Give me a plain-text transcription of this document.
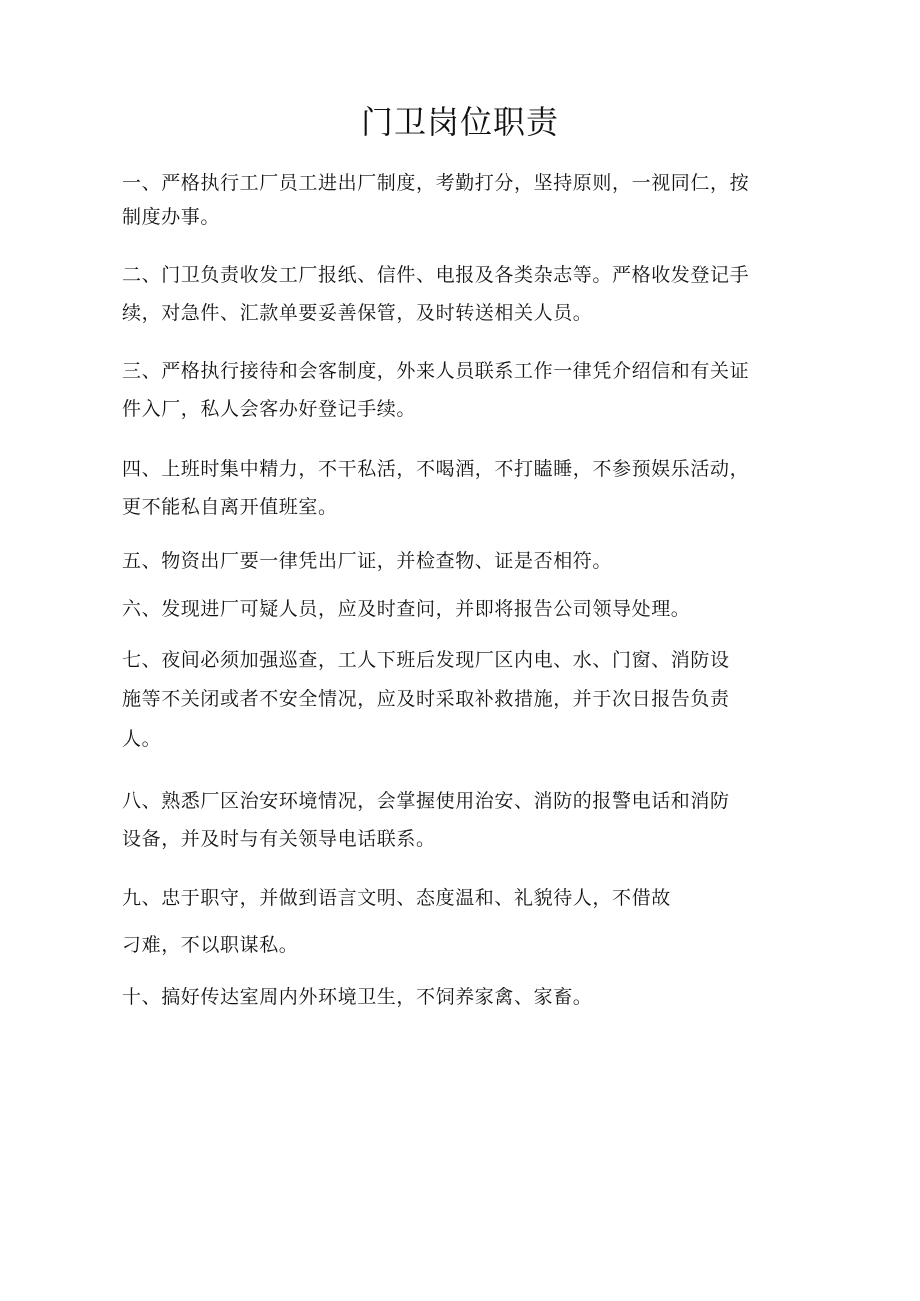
门卫岗位职责
一、严格执行工厂员工进出厂制度，考勤打分，坚持原则，一视同仁，按
制度办事。
二、门卫负责收发工厂报纸、信件、电报及各类杂志等。严格收发登记手
续，对急件、汇款单要妥善保管，及时转送相关人员。
三、严格执行接待和会客制度，外来人员联系工作一律凭介绍信和有关证
件入厂，私人会客办好登记手续。
四、上班时集中精力，不干私活，不喝酒，不打瞌睡，不参预娱乐活动，
更不能私自离开值班室。
五、物资出厂要一律凭出厂证，并检查物、证是否相符。
六、发现进厂可疑人员，应及时查问，并即将报告公司领导处理。
七、夜间必须加强巡查，工人下班后发现厂区内电、水、门窗、消防设
施等不关闭或者不安全情况，应及时采取补救措施，并于次日报告负责
人。
八、熟悉厂区治安环境情况，会掌握使用治安、消防的报警电话和消防
设备，并及时与有关领导电话联系。
九、忠于职守，并做到语言文明、态度温和、礼貌待人，不借故
刁难，不以职谋私。
十、搞好传达室周内外环境卫生，不饲养家禽、家畜。
